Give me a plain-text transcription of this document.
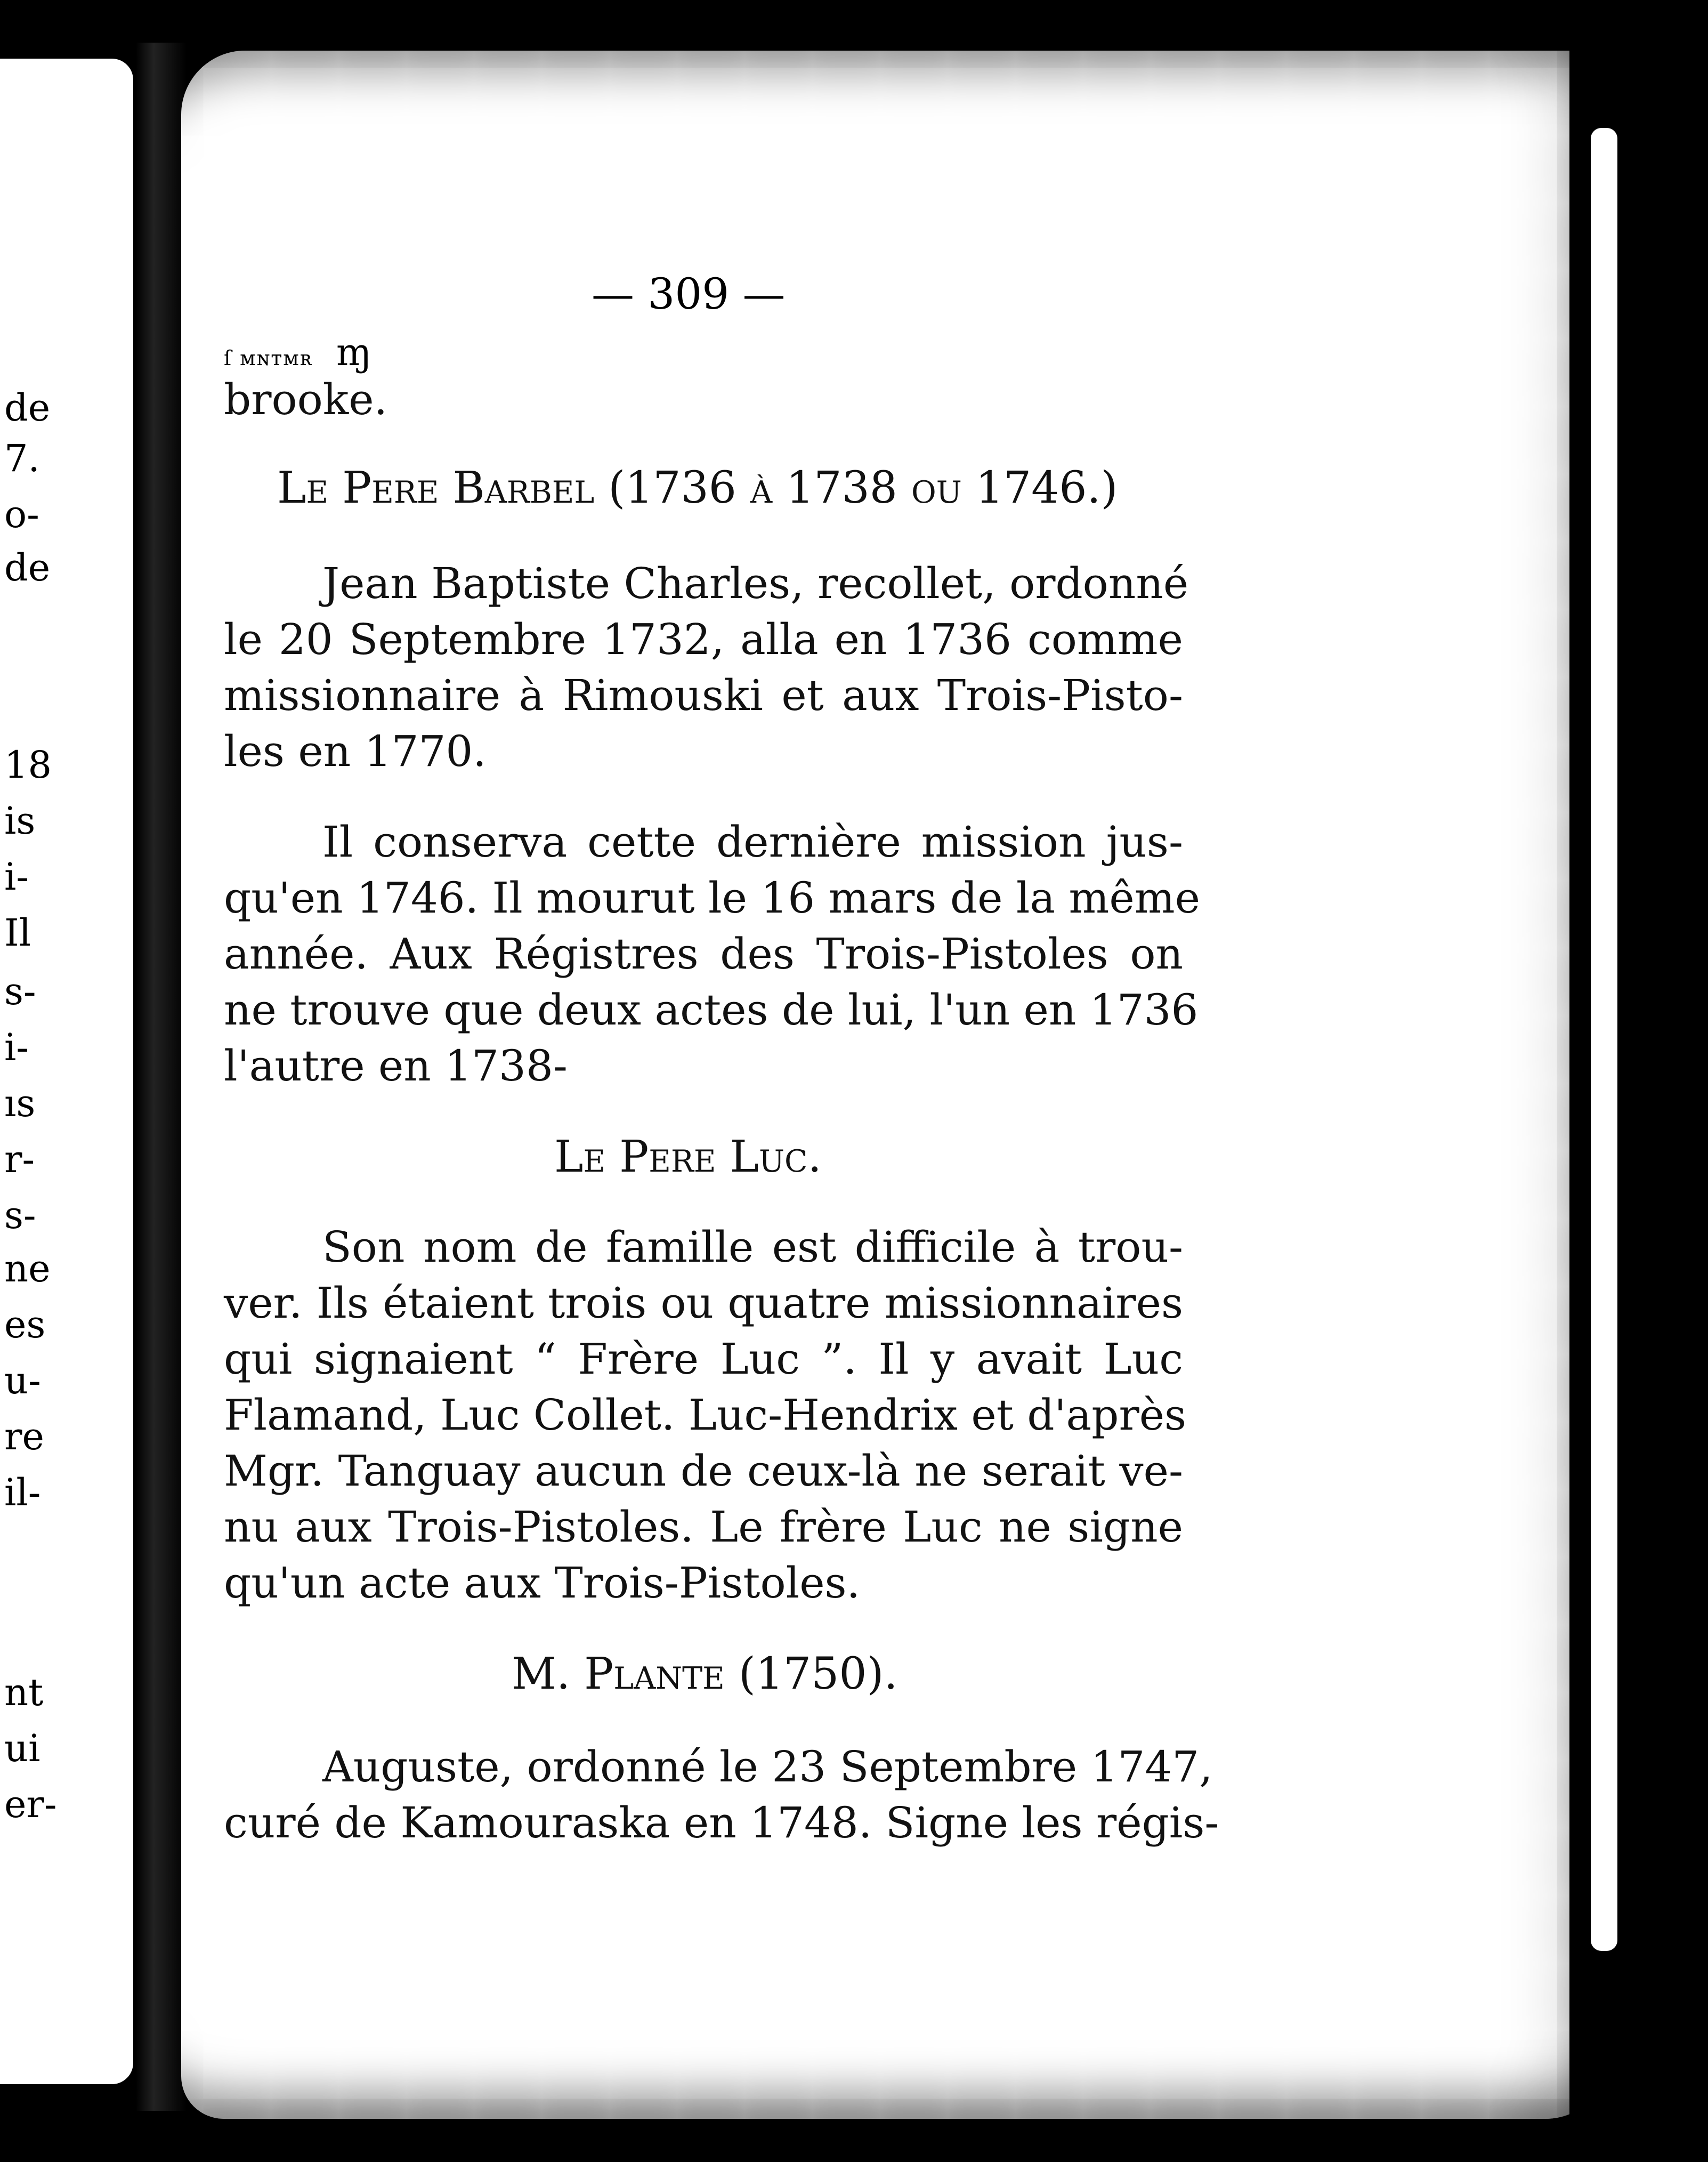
de
7.
o-
de
18
is
i-
Il
s-
i-
ıs
r-
s-
ne
es
u-
re
il-
nt
ui
er-
— 309 —
ſ ᴍɴᴛᴍʀ ɱ
brooke.
Le Pere Barbel (1736 à 1738 ou 1746.)
Jean Baptiste Charles, recollet, ordonné
le 20 Septembre 1732, alla en 1736 comme
missionnaire à Rimouski et aux Trois-Pisto-
les en 1770.
Il conserva cette dernière mission jus-
qu'en 1746. Il mourut le 16 mars de la même
année. Aux Régistres des Trois-Pistoles on
ne trouve que deux actes de lui, l'un en 1736
l'autre en 1738-
Le Pere Luc.
Son nom de famille est difficile à trou-
ver. Ils étaient trois ou quatre missionnaires
qui signaient “ Frère Luc ”. Il y avait Luc
Flamand, Luc Collet. Luc-Hendrix et d'après
Mgr. Tanguay aucun de ceux-là ne serait ve-
nu aux Trois-Pistoles. Le frère Luc ne signe
qu'un acte aux Trois-Pistoles.
M. Plante (1750).
Auguste, ordonné le 23 Septembre 1747,
curé de Kamouraska en 1748. Signe les régis-
